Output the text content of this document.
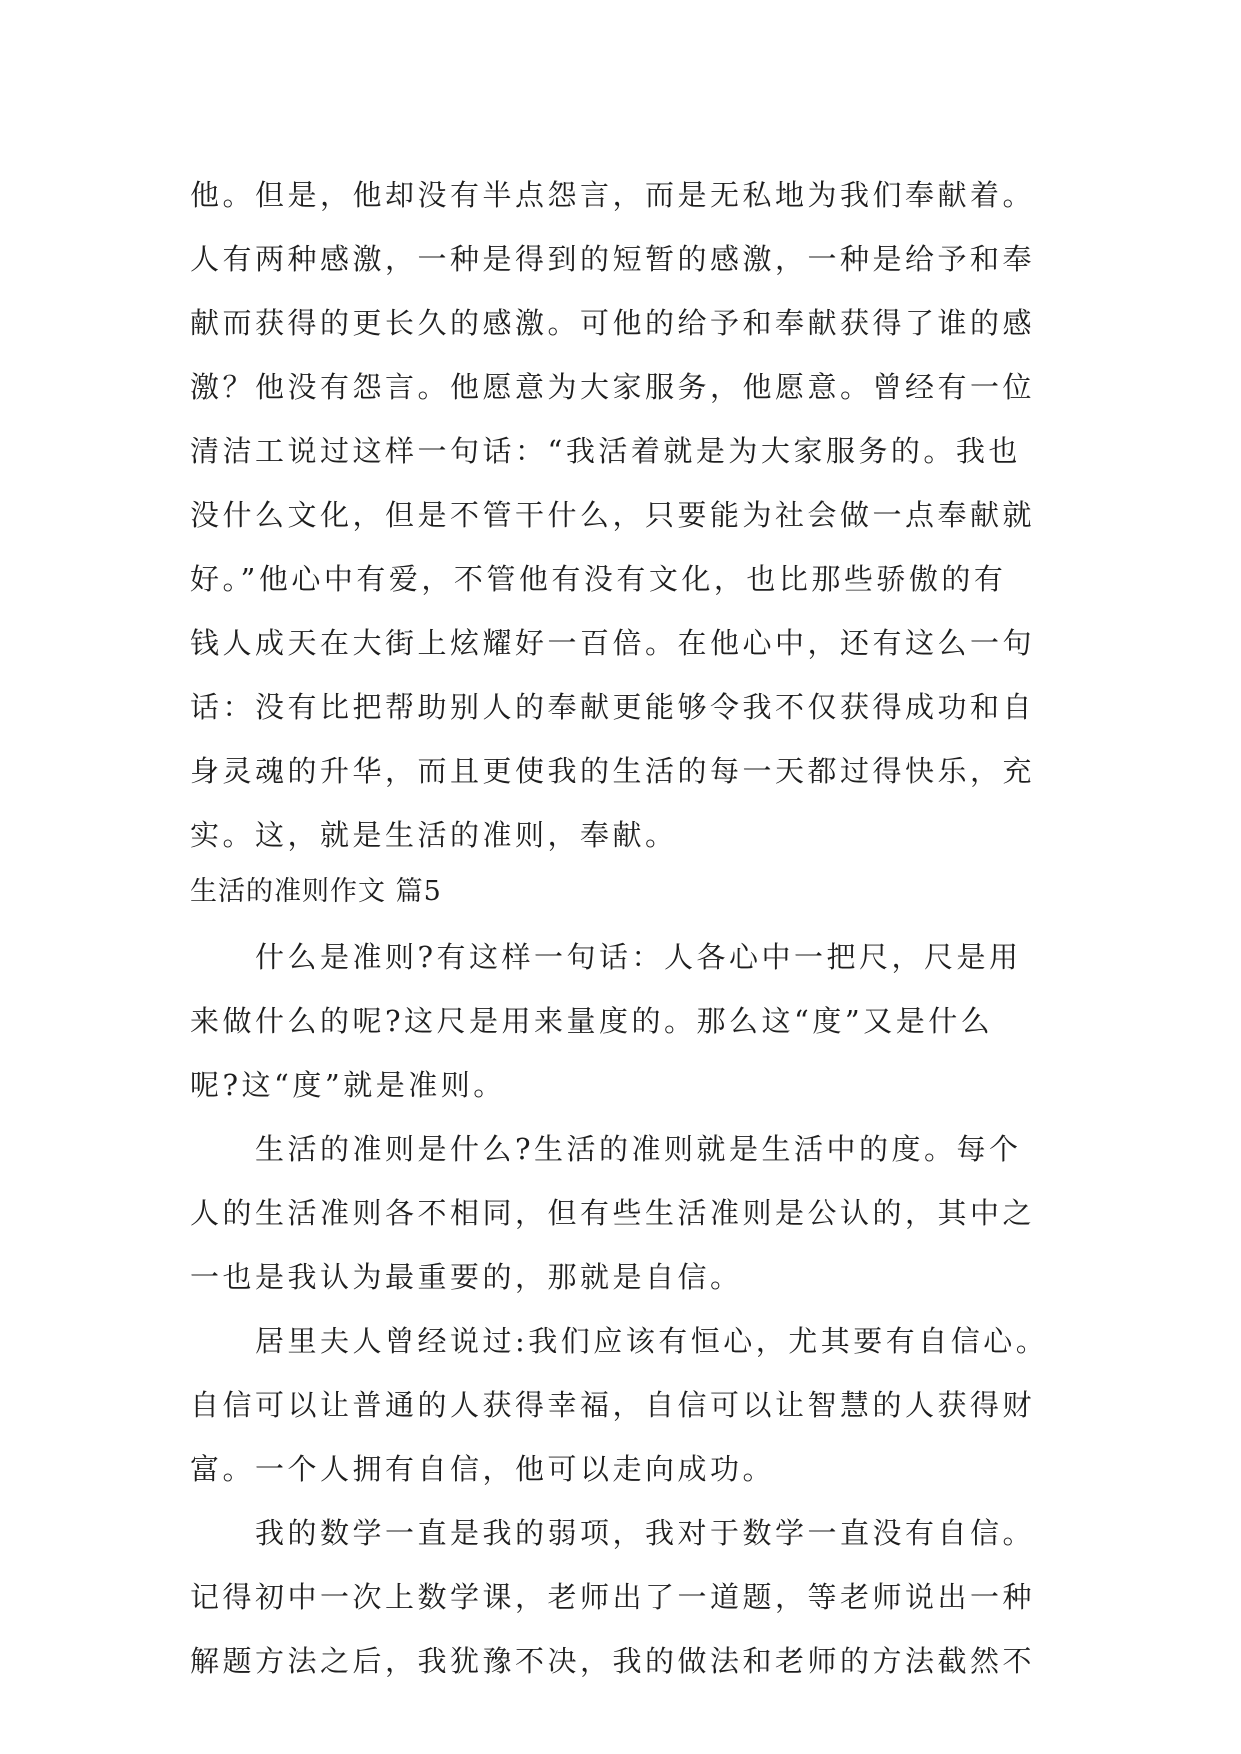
他。但是，他却没有半点怨言，而是无私地为我们奉献着。
人有两种感激，一种是得到的短暂的感激，一种是给予和奉
献而获得的更长久的感激。可他的给予和奉献获得了谁的感
激？他没有怨言。他愿意为大家服务，他愿意。曾经有一位
清洁工说过这样一句话：“我活着就是为大家服务的。我也
没什么文化，但是不管干什么，只要能为社会做一点奉献就
好。”他心中有爱，不管他有没有文化，也比那些骄傲的有
钱人成天在大街上炫耀好一百倍。在他心中，还有这么一句
话：没有比把帮助别人的奉献更能够令我不仅获得成功和自
身灵魂的升华，而且更使我的生活的每一天都过得快乐，充
实。这，就是生活的准则，奉献。
生活的准则作文 篇5
什么是准则?有这样一句话：人各心中一把尺，尺是用
来做什么的呢?这尺是用来量度的。那么这“度”又是什么
呢?这“度”就是准则。
生活的准则是什么?生活的准则就是生活中的度。每个
人的生活准则各不相同，但有些生活准则是公认的，其中之
一也是我认为最重要的，那就是自信。
居里夫人曾经说过:我们应该有恒心，尤其要有自信心。
自信可以让普通的人获得幸福，自信可以让智慧的人获得财
富。一个人拥有自信，他可以走向成功。
我的数学一直是我的弱项，我对于数学一直没有自信。
记得初中一次上数学课，老师出了一道题，等老师说出一种
解题方法之后，我犹豫不决，我的做法和老师的方法截然不
